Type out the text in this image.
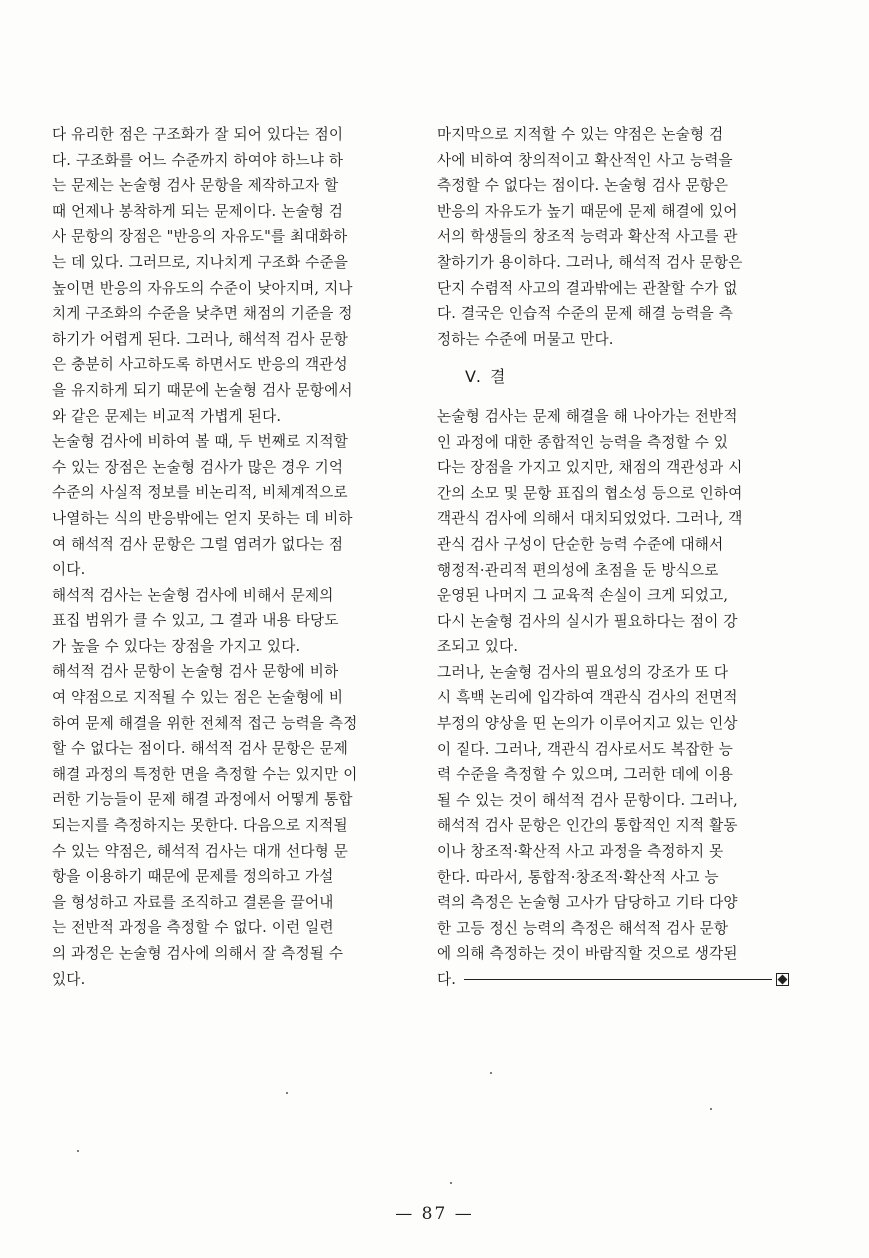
다 유리한 점은 구조화가 잘 되어 있다는 점이
다. 구조화를 어느 수준까지 하여야 하느냐 하
는 문제는 논술형 검사 문항을 제작하고자 할
때 언제나 봉착하게 되는 문제이다. 논술형 검
사 문항의 장점은 "반응의 자유도"를 최대화하
는 데 있다. 그러므로, 지나치게 구조화 수준을
높이면 반응의 자유도의 수준이 낮아지며, 지나
치게 구조화의 수준을 낮추면 채점의 기준을 정
하기가 어렵게 된다. 그러나, 해석적 검사 문항
은 충분히 사고하도록 하면서도 반응의 객관성
을 유지하게 되기 때문에 논술형 검사 문항에서
와 같은 문제는 비교적 가볍게 된다.
논술형 검사에 비하여 볼 때, 두 번째로 지적할
수 있는 장점은 논술형 검사가 많은 경우 기억
수준의 사실적 정보를 비논리적, 비체계적으로
나열하는 식의 반응밖에는 얻지 못하는 데 비하
여 해석적 검사 문항은 그럴 염려가 없다는 점
이다.
해석적 검사는 논술형 검사에 비해서 문제의
표집 범위가 클 수 있고, 그 결과 내용 타당도
가 높을 수 있다는 장점을 가지고 있다.
해석적 검사 문항이 논술형 검사 문항에 비하
여 약점으로 지적될 수 있는 점은 논술형에 비
하여 문제 해결을 위한 전체적 접근 능력을 측정
할 수 없다는 점이다. 해석적 검사 문항은 문제
해결 과정의 특정한 면을 측정할 수는 있지만 이
러한 기능들이 문제 해결 과정에서 어떻게 통합
되는지를 측정하지는 못한다. 다음으로 지적될
수 있는 약점은, 해석적 검사는 대개 선다형 문
항을 이용하기 때문에 문제를 정의하고 가설
을 형성하고 자료를 조직하고 결론을 끌어내
는 전반적 과정을 측정할 수 없다. 이런 일련
의 과정은 논술형 검사에 의해서 잘 측정될 수
있다.
마지막으로 지적할 수 있는 약점은 논술형 검
사에 비하여 창의적이고 확산적인 사고 능력을
측정할 수 없다는 점이다. 논술형 검사 문항은
반응의 자유도가 높기 때문에 문제 해결에 있어
서의 학생들의 창조적 능력과 확산적 사고를 관
찰하기가 용이하다. 그러나, 해석적 검사 문항은
단지 수렴적 사고의 결과밖에는 관찰할 수가 없
다. 결국은 인습적 수준의 문제 해결 능력을 측
정하는 수준에 머물고 만다.
V. 결
논술형 검사는 문제 해결을 해 나아가는 전반적
인 과정에 대한 종합적인 능력을 측정할 수 있
다는 장점을 가지고 있지만, 채점의 객관성과 시
간의 소모 및 문항 표집의 협소성 등으로 인하여
객관식 검사에 의해서 대치되었었다. 그러나, 객
관식 검사 구성이 단순한 능력 수준에 대해서
행정적·관리적 편의성에 초점을 둔 방식으로
운영된 나머지 그 교육적 손실이 크게 되었고,
다시 논술형 검사의 실시가 필요하다는 점이 강
조되고 있다.
그러나, 논술형 검사의 필요성의 강조가 또 다
시 흑백 논리에 입각하여 객관식 검사의 전면적
부정의 양상을 띤 논의가 이루어지고 있는 인상
이 짙다. 그러나, 객관식 검사로서도 복잡한 능
력 수준을 측정할 수 있으며, 그러한 데에 이용
될 수 있는 것이 해석적 검사 문항이다. 그러나,
해석적 검사 문항은 인간의 통합적인 지적 활동
이나 창조적·확산적 사고 과정을 측정하지 못
한다. 따라서, 통합적·창조적·확산적 사고 능
력의 측정은 논술형 고사가 담당하고 기타 다양
한 고등 정신 능력의 측정은 해석적 검사 문항
에 의해 측정하는 것이 바람직할 것으로 생각된
다.
— 87 —
